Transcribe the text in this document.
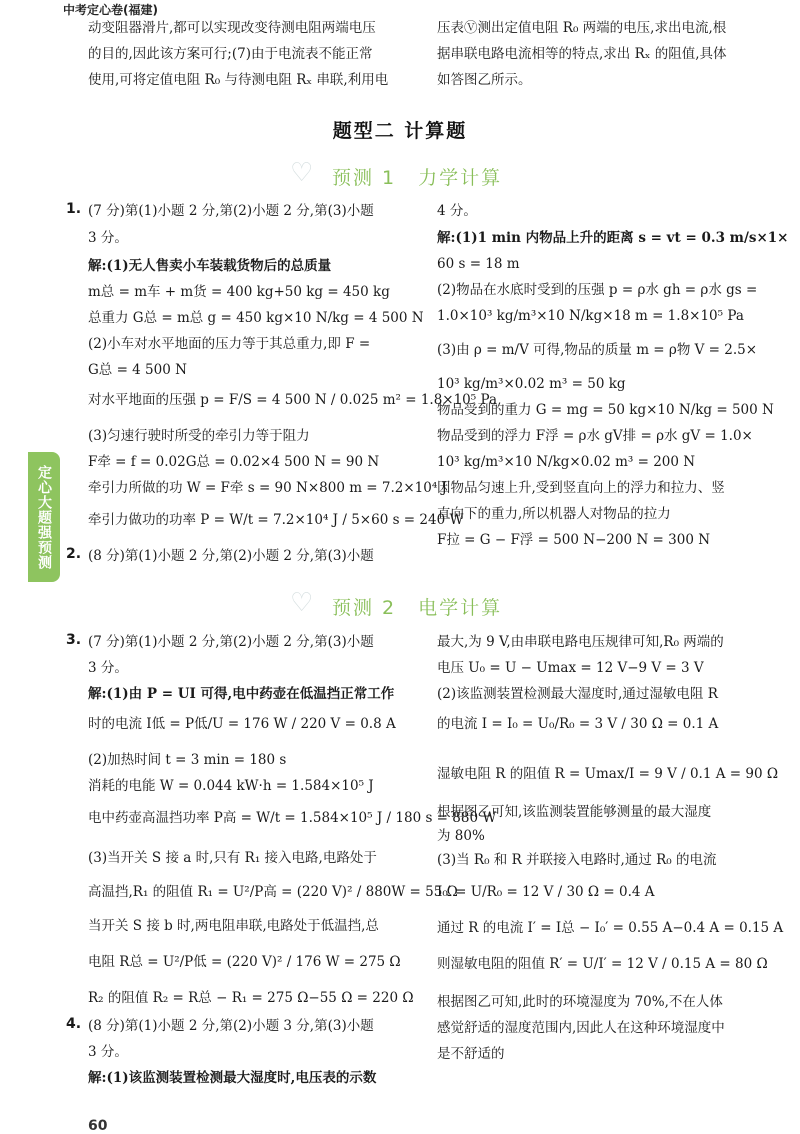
中考定心卷(福建)
动变阻器滑片,都可以实现改变待测电阻两端电压
的目的,因此该方案可行;(7)由于电流表不能正常
使用,可将定值电阻 R₀ 与待测电阻 Rₓ 串联,利用电
压表Ⓥ测出定值电阻 R₀ 两端的电压,求出电流,根
据串联电路电流相等的特点,求出 Rₓ 的阻值,具体
如答图乙所示。
题型二 计算题
♡ 预测 1 力学计算
定心大题强预测
1. (7 分)第(1)小题 2 分,第(2)小题 2 分,第(3)小题
3 分。
解:(1)无人售卖小车装载货物后的总质量
m总 = m车 + m货 = 400 kg+50 kg = 450 kg
总重力 G总 = m总 g = 450 kg×10 N/kg = 4 500 N
(2)小车对水平地面的压力等于其总重力,即 F =
G总 = 4 500 N
对水平地面的压强 p = F/S = 4 500 N / 0.025 m² = 1.8×10⁵ Pa
(3)匀速行驶时所受的牵引力等于阻力
F牵 = f = 0.02G总 = 0.02×4 500 N = 90 N
牵引力所做的功 W = F牵 s = 90 N×800 m = 7.2×10⁴ J
牵引力做功的功率 P = W/t = 7.2×10⁴ J / 5×60 s = 240 W
4 分。
解:(1)1 min 内物品上升的距离 s = vt = 0.3 m/s×1×
60 s = 18 m
(2)物品在水底时受到的压强 p = ρ水 gh = ρ水 gs =
1.0×10³ kg/m³×10 N/kg×18 m = 1.8×10⁵ Pa
(3)由 ρ = m/V 可得,物品的质量 m = ρ物 V = 2.5×
10³ kg/m³×0.02 m³ = 50 kg
物品受到的重力 G = mg = 50 kg×10 N/kg = 500 N
物品受到的浮力 F浮 = ρ水 gV排 = ρ水 gV = 1.0×
10³ kg/m³×10 N/kg×0.02 m³ = 200 N
因物品匀速上升,受到竖直向上的浮力和拉力、竖
直向下的重力,所以机器人对物品的拉力
F拉 = G − F浮 = 500 N−200 N = 300 N
2. (8 分)第(1)小题 2 分,第(2)小题 2 分,第(3)小题
♡ 预测 2 电学计算
3. (7 分)第(1)小题 2 分,第(2)小题 2 分,第(3)小题
3 分。
解:(1)由 P = UI 可得,电中药壶在低温挡正常工作
时的电流 I低 = P低/U = 176 W / 220 V = 0.8 A
(2)加热时间 t = 3 min = 180 s
消耗的电能 W = 0.044 kW·h = 1.584×10⁵ J
电中药壶高温挡功率 P高 = W/t = 1.584×10⁵ J / 180 s = 880 W
(3)当开关 S 接 a 时,只有 R₁ 接入电路,电路处于
高温挡,R₁ 的阻值 R₁ = U²/P高 = (220 V)² / 880W = 55 Ω
当开关 S 接 b 时,两电阻串联,电路处于低温挡,总
电阻 R总 = U²/P低 = (220 V)² / 176 W = 275 Ω
R₂ 的阻值 R₂ = R总 − R₁ = 275 Ω−55 Ω = 220 Ω
最大,为 9 V,由串联电路电压规律可知,R₀ 两端的
电压 U₀ = U − Umax = 12 V−9 V = 3 V
(2)该监测装置检测最大湿度时,通过湿敏电阻 R
的电流 I = I₀ = U₀/R₀ = 3 V / 30 Ω = 0.1 A
湿敏电阻 R 的阻值 R = Umax/I = 9 V / 0.1 A = 90 Ω
根据图乙可知,该监测装置能够测量的最大湿度
为 80%
(3)当 R₀ 和 R 并联接入电路时,通过 R₀ 的电流
I₀′ = U/R₀ = 12 V / 30 Ω = 0.4 A
通过 R 的电流 I′ = I总 − I₀′ = 0.55 A−0.4 A = 0.15 A
则湿敏电阻的阻值 R′ = U/I′ = 12 V / 0.15 A = 80 Ω
根据图乙可知,此时的环境湿度为 70%,不在人体
感觉舒适的湿度范围内,因此人在这种环境湿度中
是不舒适的
4. (8 分)第(1)小题 2 分,第(2)小题 3 分,第(3)小题
3 分。
解:(1)该监测装置检测最大湿度时,电压表的示数
60
